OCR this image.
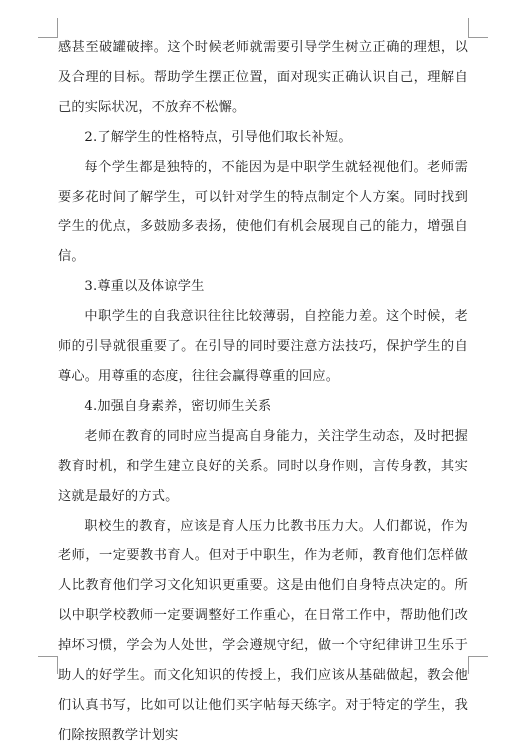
感甚至破罐破摔。这个时候老师就需要引导学生树立正确的理想，以及合理的目标。帮助学生摆正位置，面对现实正确认识自己，理解自己的实际状况，不放弃不松懈。

2.了解学生的性格特点，引导他们取长补短。

每个学生都是独特的，不能因为是中职学生就轻视他们。老师需要多花时间了解学生，可以针对学生的特点制定个人方案。同时找到学生的优点，多鼓励多表扬，使他们有机会展现自己的能力，增强自信。

3.尊重以及体谅学生

中职学生的自我意识往往比较薄弱，自控能力差。这个时候，老师的引导就很重要了。在引导的同时要注意方法技巧，保护学生的自尊心。用尊重的态度，往往会赢得尊重的回应。

4.加强自身素养，密切师生关系

老师在教育的同时应当提高自身能力，关注学生动态，及时把握教育时机，和学生建立良好的关系。同时以身作则，言传身教，其实这就是最好的方式。

职校生的教育，应该是育人压力比教书压力大。人们都说，作为老师，一定要教书育人。但对于中职生，作为老师，教育他们怎样做人比教育他们学习文化知识更重要。这是由他们自身特点决定的。所以中职学校教师一定要调整好工作重心，在日常工作中，帮助他们改掉坏习惯，学会为人处世，学会遵规守纪，做一个守纪律讲卫生乐于助人的好学生。而文化知识的传授上，我们应该从基础做起，教会他们认真书写，比如可以让他们买字帖每天练字。对于特定的学生，我们除按照教学计划实
